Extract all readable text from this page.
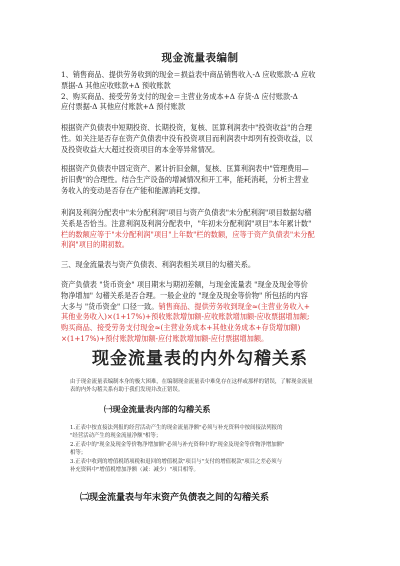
现金流量表编制
1、销售商品、提供劳务收到的现金＝损益表中商品销售收入-Δ 应收账款-Δ 应收
票据-Δ 其他应收账款+Δ 预收账款
2、购买商品、接受劳务支付的现金＝主营业务成本+Δ 存货-Δ 应付账款-Δ
应付票据-Δ 其他应付账款+Δ 预付账款
根据资产负债表中短期投资、长期投资，复核、匡算利润表中"投资收益"的合理
性。如关注是否存在资产负债表中没有投资项目而利润表中却列有投资收益，以
及投资收益大大超过投资项目的本金等异常情况。
根据资产负债表中固定资产、累计折旧金额，复核、匡算利润表中"管理费用—
折旧费"的合理性。结合生产设备的增减情况和开工率，能耗消耗，分析主营业
务收入的变动是否存在产能和能源消耗支撑。
利润及利润分配表中"未分配利润"项目与资产负债表"未分配利润"项目数据勾稽
关系是否恰当。注意利润及利润分配表中，"年初未分配利润"项目"本年累计数"
栏的数额应等于"未分配利润"项目"上年数"栏的数额，应等于资产负债表"未分配
利润"项目的期初数。
三、现金流量表与资产负债表、利润表相关项目的勾稽关系。
资产负债表 "货币资金" 项目期末与期初差额，与现金流量表 "现金及现金等价
物净增加" 勾稽关系是否合理。一般企业的 "现金及现金等价物" 所包括的内容
大多与 "货币资金" 口径一致。销售商品、提供劳务收到现金≈(主营业务收入+
其他业务收入)×(1+17%)+预收账款增加额-应收账款增加额-应收票据增加额;
购买商品、接受劳务支付现金≈(主营业务成本+其他业务成本+存货增加额)
×(1+17%)+预付账款增加额-应付账款增加额-应付票据增加额。
现金流量表的内外勾稽关系
由于现金流量表编制本身的极大困难，在编制现金流量表中难免存在这样或那样的错误，了解现金流量
表的内外勾稽关系有助于我们发现并改正错误。
㈠现金流量表内部的勾稽关系
1.正表中按直接法列报的经营活动产生的现金流量净额"必须与补充资料中按间接法列报的
"经营活动产生的现金流量净额"相等；
2.正表中的"现金及现金等价物净增加额"必须与补充资料中的"现金及现金等价物净增加额"
相等；
3.正表中收到的增值税销项税和退回的增值税款"项目与"支付的增值税款"项目之差必须与
补充资料中"增值税增加净额（减：减少）"项目相等。
㈡现金流量表与年末资产负债表之间的勾稽关系
